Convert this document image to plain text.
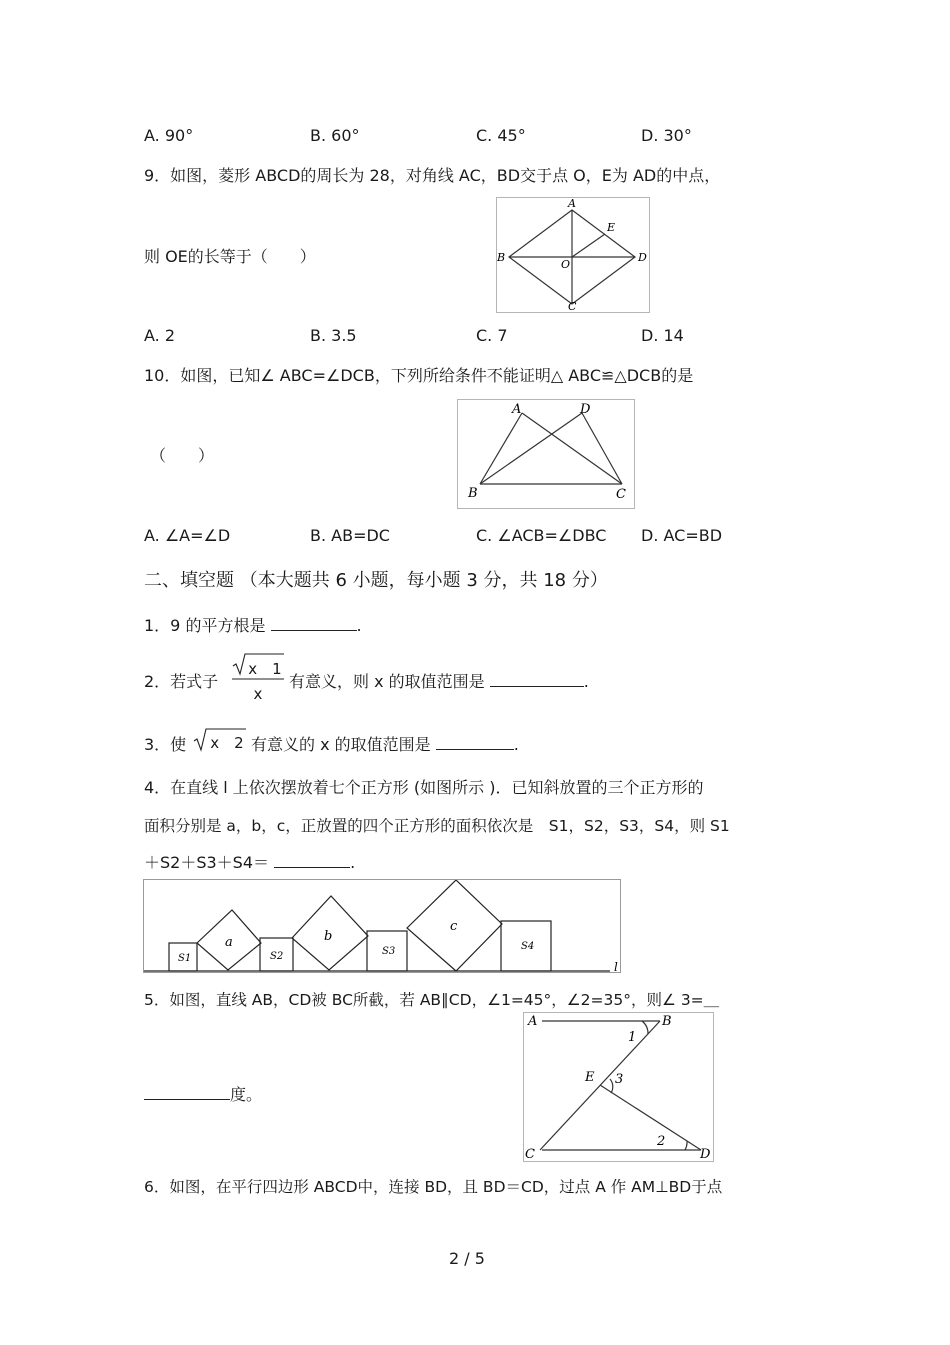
A. 90°	B. 60°	C. 45°	D. 30°
9．如图，菱形 ABCD的周长为 28，对角线 AC，BD交于点 O，E为 AD的中点，
则 OE的长等于（　　）
A
B
C
D
E
O
A. 2	B. 3.5	C. 7	D. 14
10．如图，已知∠ ABC=∠DCB，下列所给条件不能证明△ ABC≌△DCB的是
（　　）
A
B	C
D
A. ∠A=∠D	B. AB=DC	C. ∠ACB=∠DBC D. AC=BD
二、填空题 （本大题共 6 小题，每小题 3 分，共 18 分）
1．9 的平方根是	.
2．若式子
x　1
x
有意义，则 x 的取值范围是	.
3．使 x　2 有意义的 x 的取值范围是	.
4．在直线 l 上依次摆放着七个正方形 (如图所示 )．已知斜放置的三个正方形的
面积分别是 a，b，c，正放置的四个正方形的面积依次是　S1，S2，S3，S4，则 S1
＋S2＋S3＋S4＝	.
S1	S2	S3	S4
a	b
c
l
5．如图，直线 AB，CD被 BC所截，若 AB∥CD，∠1=45°，∠2=35°，则∠ 3=＿
度。
A	B
C	D
E
1
2
3
6．如图，在平行四边形 ABCD中，连接 BD，且 BD＝CD，过点 A 作 AM⊥BD于点
2 / 5
